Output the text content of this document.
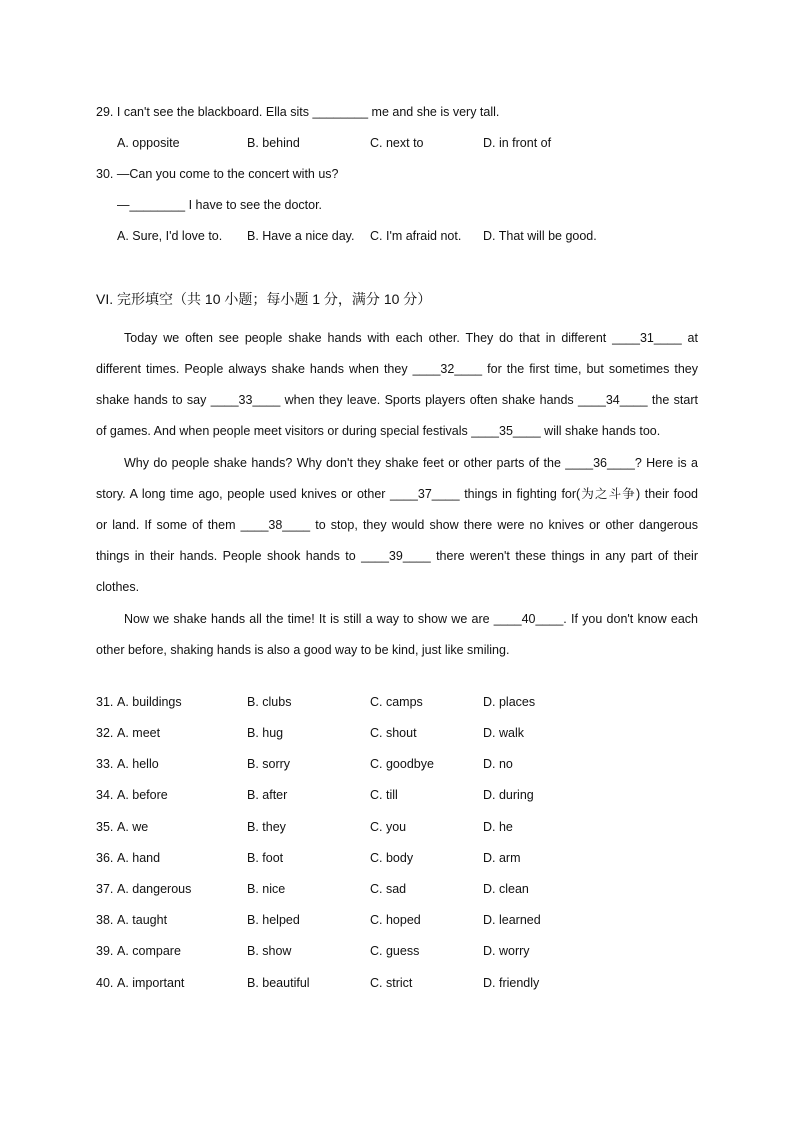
29. I can't see the blackboard. Ella sits ________ me and she is very tall.
A. opposite	B. behind	C. next to	D. in front of
30. —Can you come to the concert with us?
—________ I have to see the doctor.
A. Sure, I'd love to. B. Have a nice day. C. I'm afraid not. D. That will be good.
VI. 完形填空（共 10 小题；每小题 1 分，满分 10 分）
Today we often see people shake hands with each other. They do that in different ____31____ at
different times. People always shake hands when they ____32____ for the first time, but sometimes they
shake hands to say ____33____ when they leave. Sports players often shake hands ____34____ the start
of games. And when people meet visitors or during special festivals ____35____ will shake hands too.
Why do people shake hands? Why don't they shake feet or other parts of the ____36____? Here is a
story. A long time ago, people used knives or other ____37____ things in fighting for(为之斗争) their food
or land. If some of them ____38____ to stop, they would show there were no knives or other dangerous
things in their hands. People shook hands to ____39____ there weren't these things in any part of their
clothes.
Now we shake hands all the time! It is still a way to show we are ____40____. If you don't know each
other before, shaking hands is also a good way to be kind, just like smiling.
31. A. buildings	B. clubs	C. camps	D. places
32. A. meet	B. hug	C. shout	D. walk
33. A. hello	B. sorry	C. goodbye	D. no
34. A. before	B. after	C. till	D. during
35. A. we	B. they	C. you	D. he
36. A. hand	B. foot	C. body	D. arm
37. A. dangerous	B. nice	C. sad	D. clean
38. A. taught	B. helped	C. hoped	D. learned
39. A. compare	B. show	C. guess	D. worry
40. A. important	B. beautiful	C. strict	D. friendly
